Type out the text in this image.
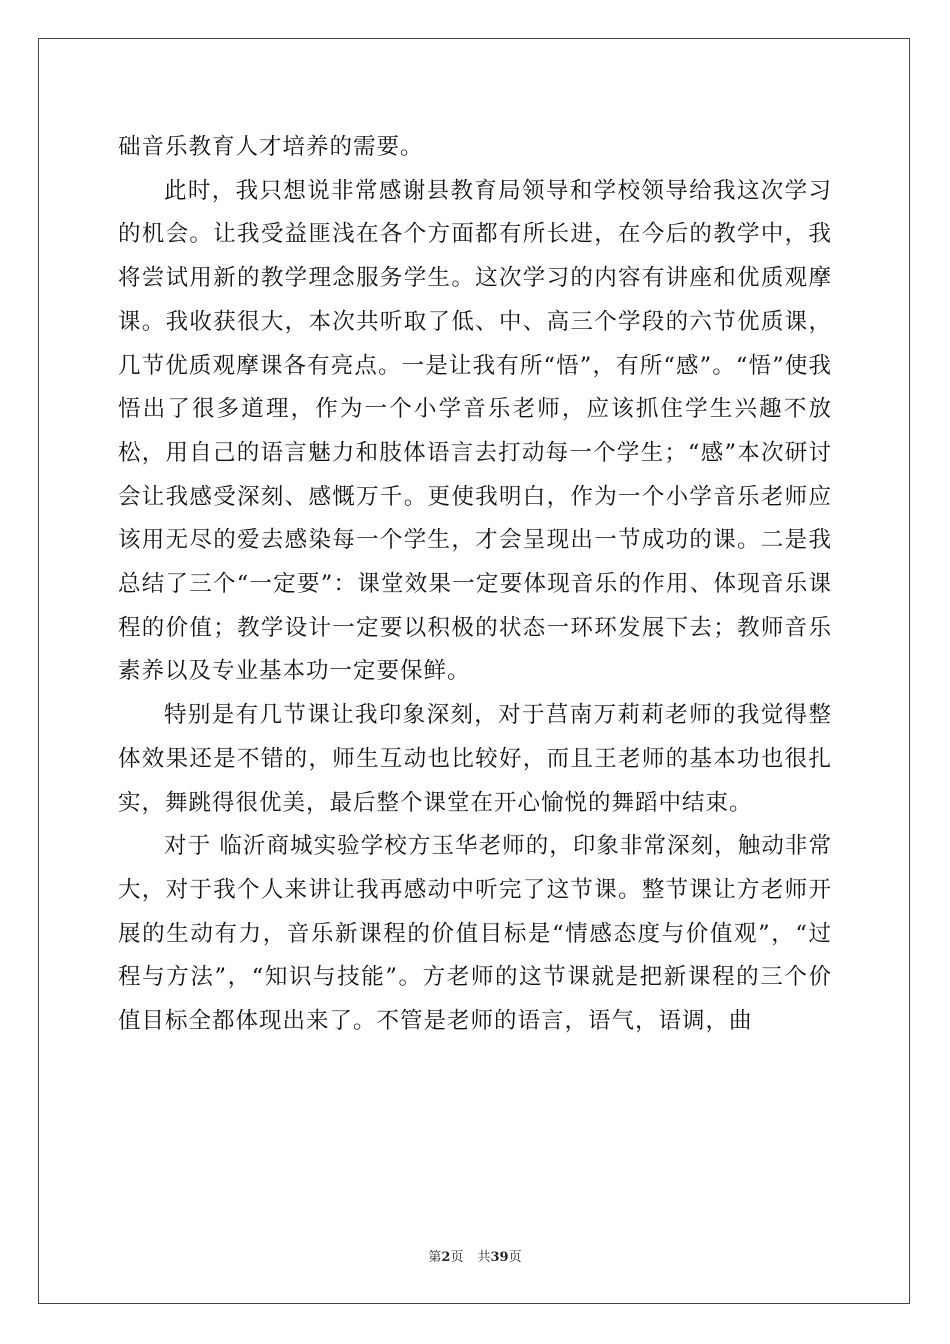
础音乐教育人才培养的需要。

此时，我只想说非常感谢县教育局领导和学校领导给我这次学习的机会。让我受益匪浅在各个方面都有所长进，在今后的教学中，我将尝试用新的教学理念服务学生。这次学习的内容有讲座和优质观摩课。我收获很大，本次共听取了低、中、高三个学段的六节优质课，几节优质观摩课各有亮点。一是让我有所“悟”，有所“感”。“悟”使我悟出了很多道理，作为一个小学音乐老师，应该抓住学生兴趣不放松，用自己的语言魅力和肢体语言去打动每一个学生；“感”本次研讨会让我感受深刻、感慨万千。更使我明白，作为一个小学音乐老师应该用无尽的爱去感染每一个学生，才会呈现出一节成功的课。二是我总结了三个“一定要”：课堂效果一定要体现音乐的作用、体现音乐课程的价值；教学设计一定要以积极的状态一环环发展下去；教师音乐素养以及专业基本功一定要保鲜。

特别是有几节课让我印象深刻，对于莒南万莉莉老师的我觉得整体效果还是不错的，师生互动也比较好，而且王老师的基本功也很扎实，舞跳得很优美，最后整个课堂在开心愉悦的舞蹈中结束。

对于 临沂商城实验学校方玉华老师的，印象非常深刻，触动非常大，对于我个人来讲让我再感动中听完了这节课。整节课让方老师开展的生动有力，音乐新课程的价值目标是“情感态度与价值观”，“过程与方法”，“知识与技能”。方老师的这节课就是把新课程的三个价值目标全都体现出来了。不管是老师的语言，语气，语调，曲

第2页 共39页
